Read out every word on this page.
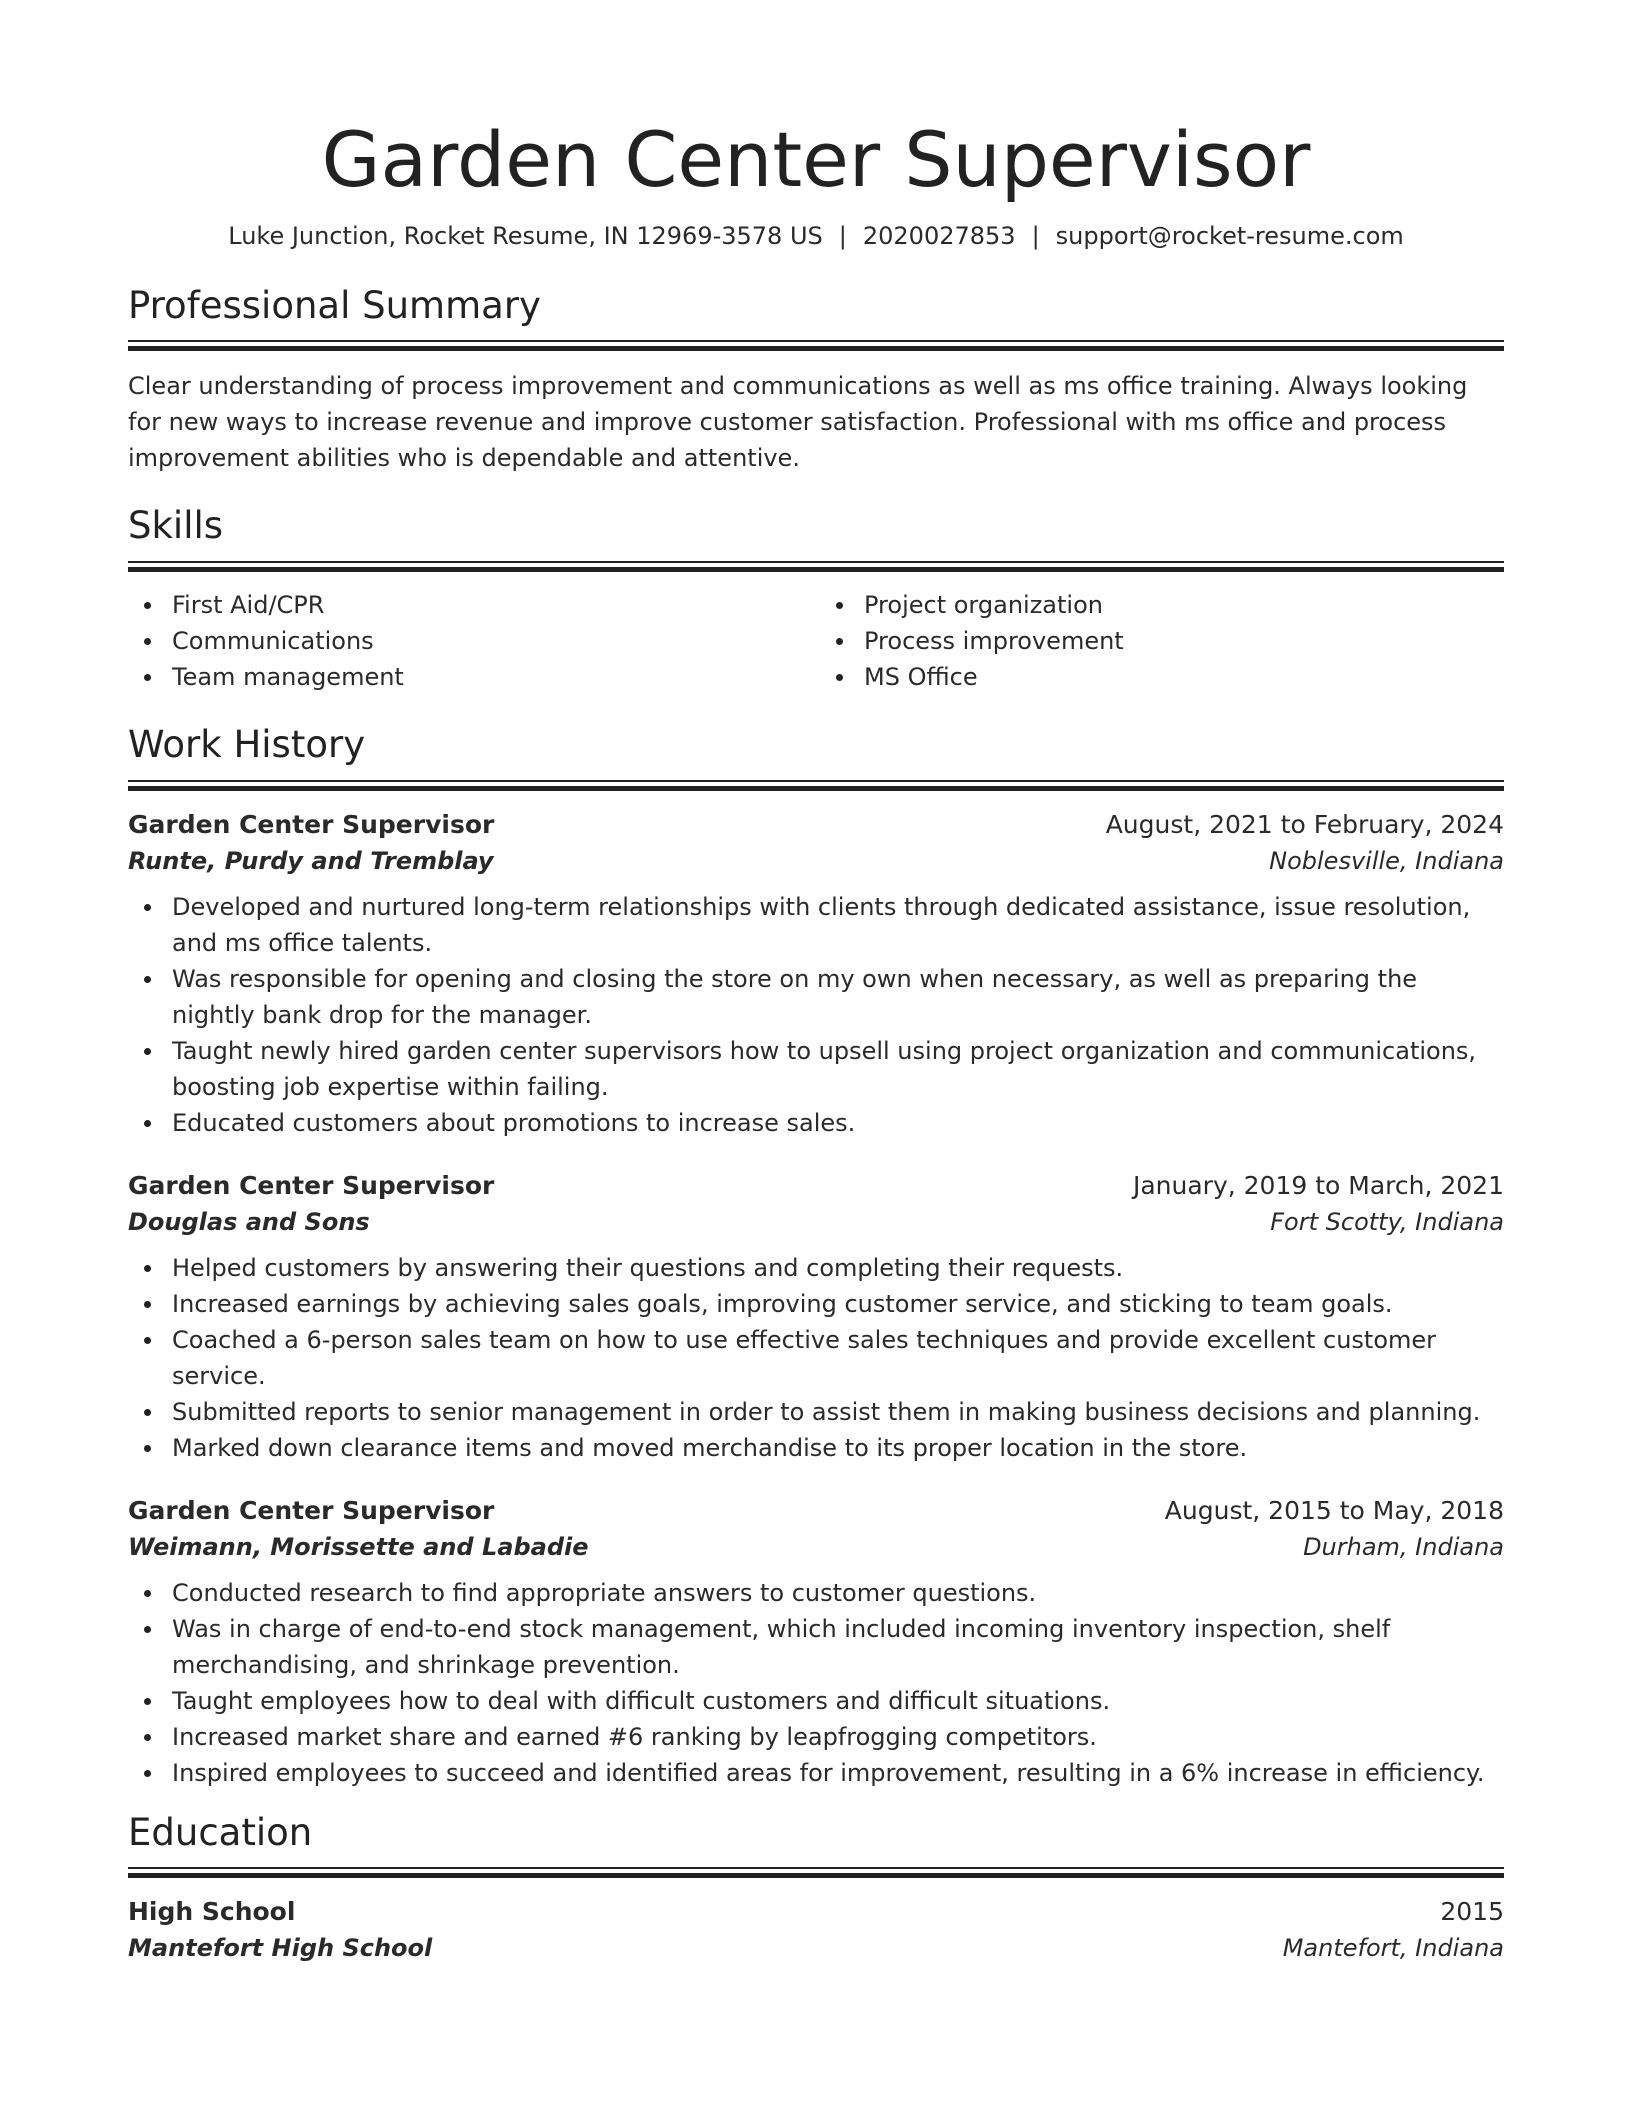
Garden Center Supervisor
Luke Junction, Rocket Resume, IN 12969-3578 US | 2020027853 | support@rocket-resume.com
Professional Summary

Clear understanding of process improvement and communications as well as ms office training. Always looking for new ways to increase revenue and improve customer satisfaction. Professional with ms office and process improvement abilities who is dependable and attentive.

Skills
First Aid/CPR
Communications
Team management
Project organization
Process improvement
MS Office
Work History
Garden Center Supervisor	August, 2021 to February, 2024
Runte, Purdy and Tremblay	Noblesville, Indiana
Developed and nurtured long-term relationships with clients through dedicated assistance, issue resolution, and ms office talents.
Was responsible for opening and closing the store on my own when necessary, as well as preparing the nightly bank drop for the manager.
Taught newly hired garden center supervisors how to upsell using project organization and communications, boosting job expertise within failing.
Educated customers about promotions to increase sales.
Garden Center Supervisor	January, 2019 to March, 2021
Douglas and Sons	Fort Scotty, Indiana
Helped customers by answering their questions and completing their requests.
Increased earnings by achieving sales goals, improving customer service, and sticking to team goals.
Coached a 6-person sales team on how to use effective sales techniques and provide excellent customer service.
Submitted reports to senior management in order to assist them in making business decisions and planning.
Marked down clearance items and moved merchandise to its proper location in the store.
Garden Center Supervisor	August, 2015 to May, 2018
Weimann, Morissette and Labadie	Durham, Indiana
Conducted research to find appropriate answers to customer questions.
Was in charge of end-to-end stock management, which included incoming inventory inspection, shelf merchandising, and shrinkage prevention.
Taught employees how to deal with difficult customers and difficult situations.
Increased market share and earned #6 ranking by leapfrogging competitors.
Inspired employees to succeed and identified areas for improvement, resulting in a 6% increase in efficiency.
Education
High School	2015
Mantefort High School	Mantefort, Indiana
